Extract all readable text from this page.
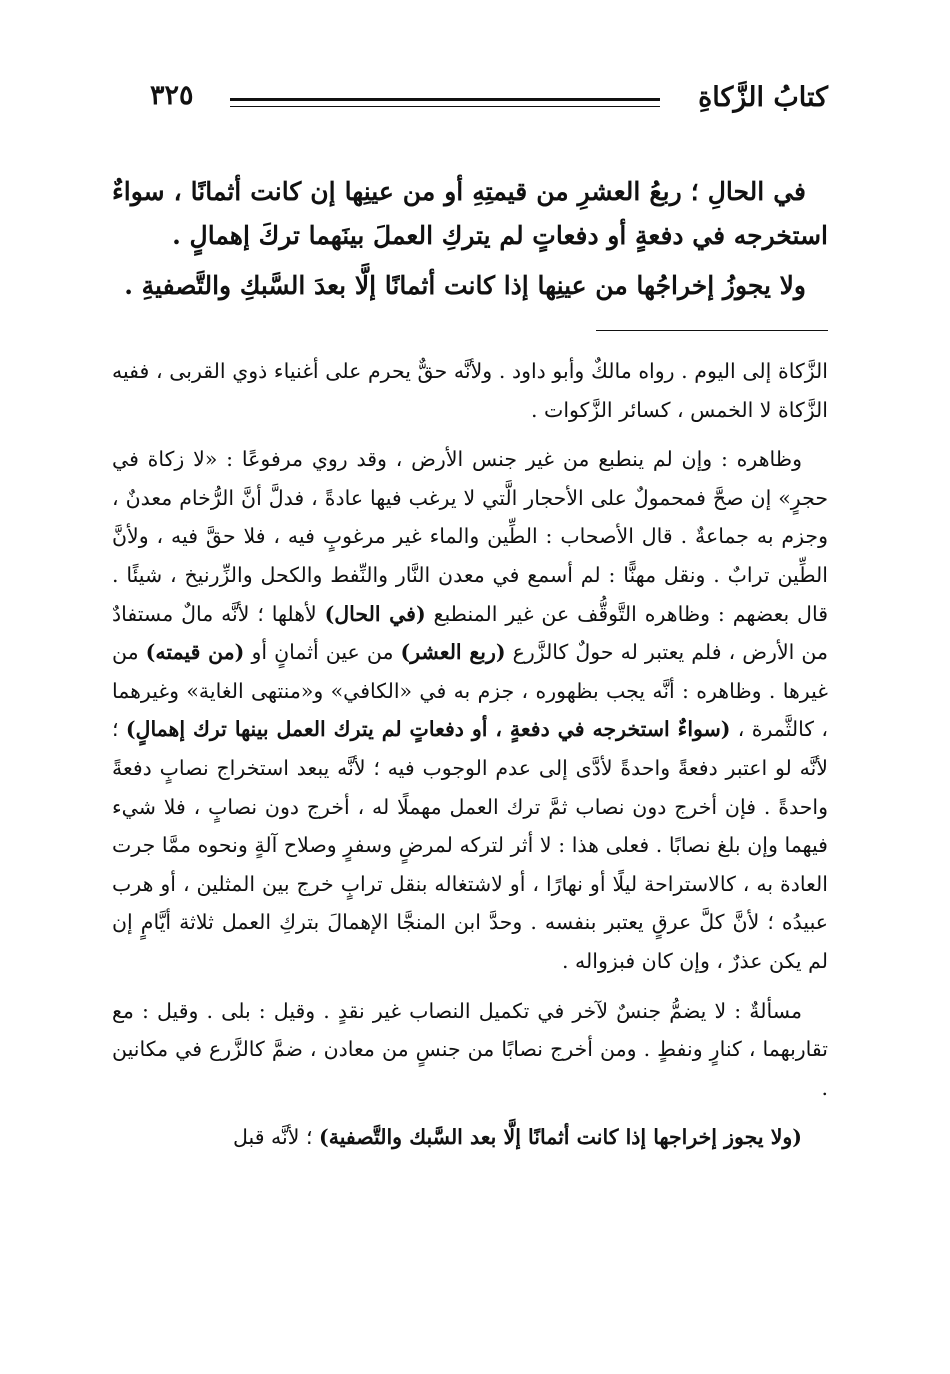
كتابُ الزَّكاةِ
٣٢٥

في الحالِ ؛ ربعُ العشرِ من قيمتِهِ أو من عينِها إن كانت أثمانًا ، سواءٌ استخرجه في دفعةٍ أو دفعاتٍ لم يتركِ العملَ بينَهما تركَ إهمالٍ .

ولا يجوزُ إخراجُها من عينِها إذا كانت أثمانًا إلَّا بعدَ السَّبكِ والتَّصفيةِ .

الزَّكاة إلى اليوم . رواه مالكٌ وأبو داود . ولأنَّه حقٌّ يحرم على أغنياء ذوي القربى ، ففيه الزَّكاة لا الخمس ، كسائر الزَّكوات .

وظاهره : وإن لم ينطبع من غير جنس الأرض ، وقد روي مرفوعًا : «لا زكاة في حجرٍ» إن صحَّ فمحمولٌ على الأحجار الَّتي لا يرغب فيها عادةً ، فدلَّ أنَّ الرُّخام معدنٌ ، وجزم به جماعةٌ . قال الأصحاب : الطِّين والماء غير مرغوبٍ فيه ، فلا حقَّ فيه ، ولأنَّ الطِّين ترابٌ . ونقل مهنًّا : لم أسمع في معدن النَّار والنِّفط والكحل والزِّرنيخ ، شيئًا . قال بعضهم : وظاهره التَّوقُّف عن غير المنطبع (في الحال) لأهلها ؛ لأنَّه مالٌ مستفادٌ من الأرض ، فلم يعتبر له حولٌ كالزَّرع (ربع العشر) من عين أثمانٍ أو (من قيمته) من غيرها . وظاهره : أنَّه يجب بظهوره ، جزم به في «الكافي» و«منتهى الغاية» وغيرهما ، كالثَّمرة ، (سواءٌ استخرجه في دفعةٍ ، أو دفعاتٍ لم يترك العمل بينها ترك إهمالٍ) ؛ لأنَّه لو اعتبر دفعةً واحدةً لأدَّى إلى عدم الوجوب فيه ؛ لأنَّه يبعد استخراج نصابٍ دفعةً واحدةً . فإن أخرج دون نصاب ثمَّ ترك العمل مهملًا له ، أخرج دون نصابٍ ، فلا شيء فيهما وإن بلغ نصابًا . فعلى هذا : لا أثر لتركه لمرضٍ وسفرٍ وصلاح آلةٍ ونحوه ممَّا جرت العادة به ، كالاستراحة ليلًا أو نهارًا ، أو لاشتغاله بنقل ترابٍ خرج بين المثلين ، أو هرب عبيدُه ؛ لأنَّ كلَّ عرقٍ يعتبر بنفسه . وحدَّ ابن المنجَّا الإهمالَ بتركِ العمل ثلاثة أيَّامٍ إن لم يكن عذرٌ ، وإن كان فبزواله .

مسألةٌ : لا يضمُّ جنسٌ لآخر في تكميل النصاب غير نقدٍ . وقيل : بلى . وقيل : مع تقاربهما ، كنارٍ ونفطٍ . ومن أخرج نصابًا من جنسٍ من معادن ، ضمَّ كالزَّرع في مكانين .

(ولا يجوز إخراجها إذا كانت أثمانًا إلَّا بعد السَّبك والتَّصفية) ؛ لأنَّه قبل
